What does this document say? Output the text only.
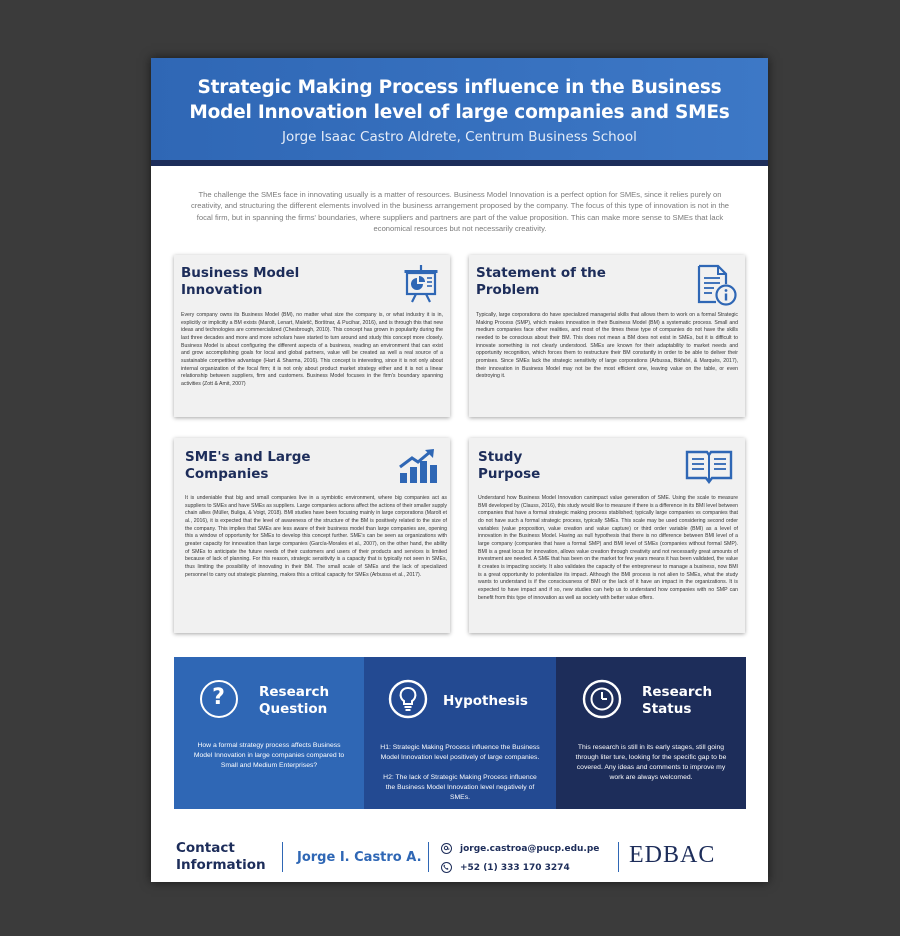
Strategic Making Process influence in the Business
Model Innovation level of large companies and SMEs
Jorge Isaac Castro Aldrete, Centrum Business School
The challenge the SMEs face in innovating usually is a matter of resources. Business Model Innovation is a perfect option for SMEs, since it relies purely on creativity, and structuring the different elements involved in the business arrangement proposed by the company. The focus of this type of innovation is not in the focal firm, but in spanning the firms' boundaries, where suppliers and partners are part of the value proposition. This can make more sense to SMEs that lack economical resources but not necessarily creativity.
Business Model
Innovation

Every company owns its Business Model (BM), no matter what size the company is, or what industry it is in, explicitly or implicitly a BM exists (Marolt, Lenart, Maletič, Borštnar, & Pucihar, 2016), and is through this that new ideas and technologies are commercialized (Chesbrough, 2010). This concept has grown in popularity during the last three decades and more and more scholars have started to turn around and study this concept more closely. Business Model is about configuring the different aspects of a business, reading an environment that can exist and grow accomplishing goals for local and global partners, value will be created as well a real source of a sustainable competitive advantage (Hart & Sharma, 2016). This concept is interesting, since it is not only about internal organization of the focal firm; it is not only about product market strategy either and it is not a linear relationship between suppliers, firm and customers. Business Model focuses in the firm's boundary spanning activities (Zott & Amit, 2007)

Statement of the
Problem

Typically, large corporations do have specialized managerial skills that allows them to work on a formal Strategic Making Process (SMP), which makes innovation in their Business Model (BM) a systematic process. Small and medium companies face other realities, and most of the times these type of companies do not have the skills needed to be conscious about their BM. This does not mean a BM does not exist in SMEs, but it is difficult to innovate something is not clearly understood. SMEs are known for their adaptability to market needs and opportunity recognition, which forces them to restructure their BM constantly in order to be able to deliver their promises. Since SMEs lack the strategic sensitivity of large corporations (Arbussa, Bikfalvi, & Marquès, 2017), their innovation in Business Model may not be the most efficient one, leaving value on the table, or even destroying it.

SME's and Large
Companies

It is undeniable that big and small companies live in a symbiotic environment, where big companies act as suppliers to SMEs and have SMEs as suppliers. Large companies actions affect the actions of their smaller supply chain allies (Müller, Buliga, & Voigt, 2018). BMI studies have been focusing mainly in large corporations (Marolt et al., 2016), it is expected that the level of awareness of the structure of the BM is positively related to the size of the company. This implies that SMEs are less aware of their business model than large companies are, opening this a window of opportunity for SMEs to develop this concept further. SME's can be seen as organizations with greater capacity for innovation than large companies (García-Morales et al., 2007), on the other hand, the ability of SMEs to anticipate the future needs of their customers and users of their products and services is limited because of lack of planning. For this reason, strategic sensitivity is a capacity that is typically not seen in SMEs, thus limiting the possibility of innovating in their BM. The small scale of SMEs and the lack of specialized personnel to carry out strategic planning, makes this a critical capacity for SMEs (Arbussa et al., 2017).

Study
Purpose

Understand how Business Model Innovation canimpact value generation of SME. Using the scale to measure BMI developed by (Clauss, 2016), this study would like to measure if there is a difference in its BMI level between companies that have a formal strategic making process stablished; typically large companies vs companies that do not have such a formal strategic process, typically SMEs. This scale may be used considering second order variables (value proposition, value creation and value capture) or third order variable (BMI) as a level of innovation in the Business Model. Having as null hypothesis that there is no difference between BMI level of a large company (companies that have a formal SMP) and BMI level of SMEs (companies without formal SMP). BMI is a great locus for innovation, allows value creation through creativity and not necessarily great amounts of investment are needed. A SME that has been on the market for few years means it has been validated, the value it creates is impacting society. It also validates the capacity of the entrepreneur to manage a business, now BMI is a great opportunity to potentialize its impact. Although the BMI process is not alien to SMEs, what the study wants to understand is if the consciousness of BMI or the lack of it have an impact in the organizations. It is expected to have impact and if so, new studies can help us to understand how companies with no SMP can benefit from this type of innovation as well as society with better value offers.

?	Research
Question

How a formal strategy process affects Business Model Innovation in large companies compared to Small and Medium Enterprises?

Hypothesis

H1: Strategic Making Process influence the Business Model Innovation level positively of large companies.

H2: The lack of Strategic Making Process influence the Business Model Innovation level negatively of SMEs.

Research
Status

This research is still in its early stages, still going through liter ture, looking for the specific gap to be covered. Any ideas and comments to improve my work are always welcomed.

Contact
Information Jorge I. Castro A.
jorge.castroa@pucp.edu.pe
+52 (1) 333 170 3274 EDBAC
